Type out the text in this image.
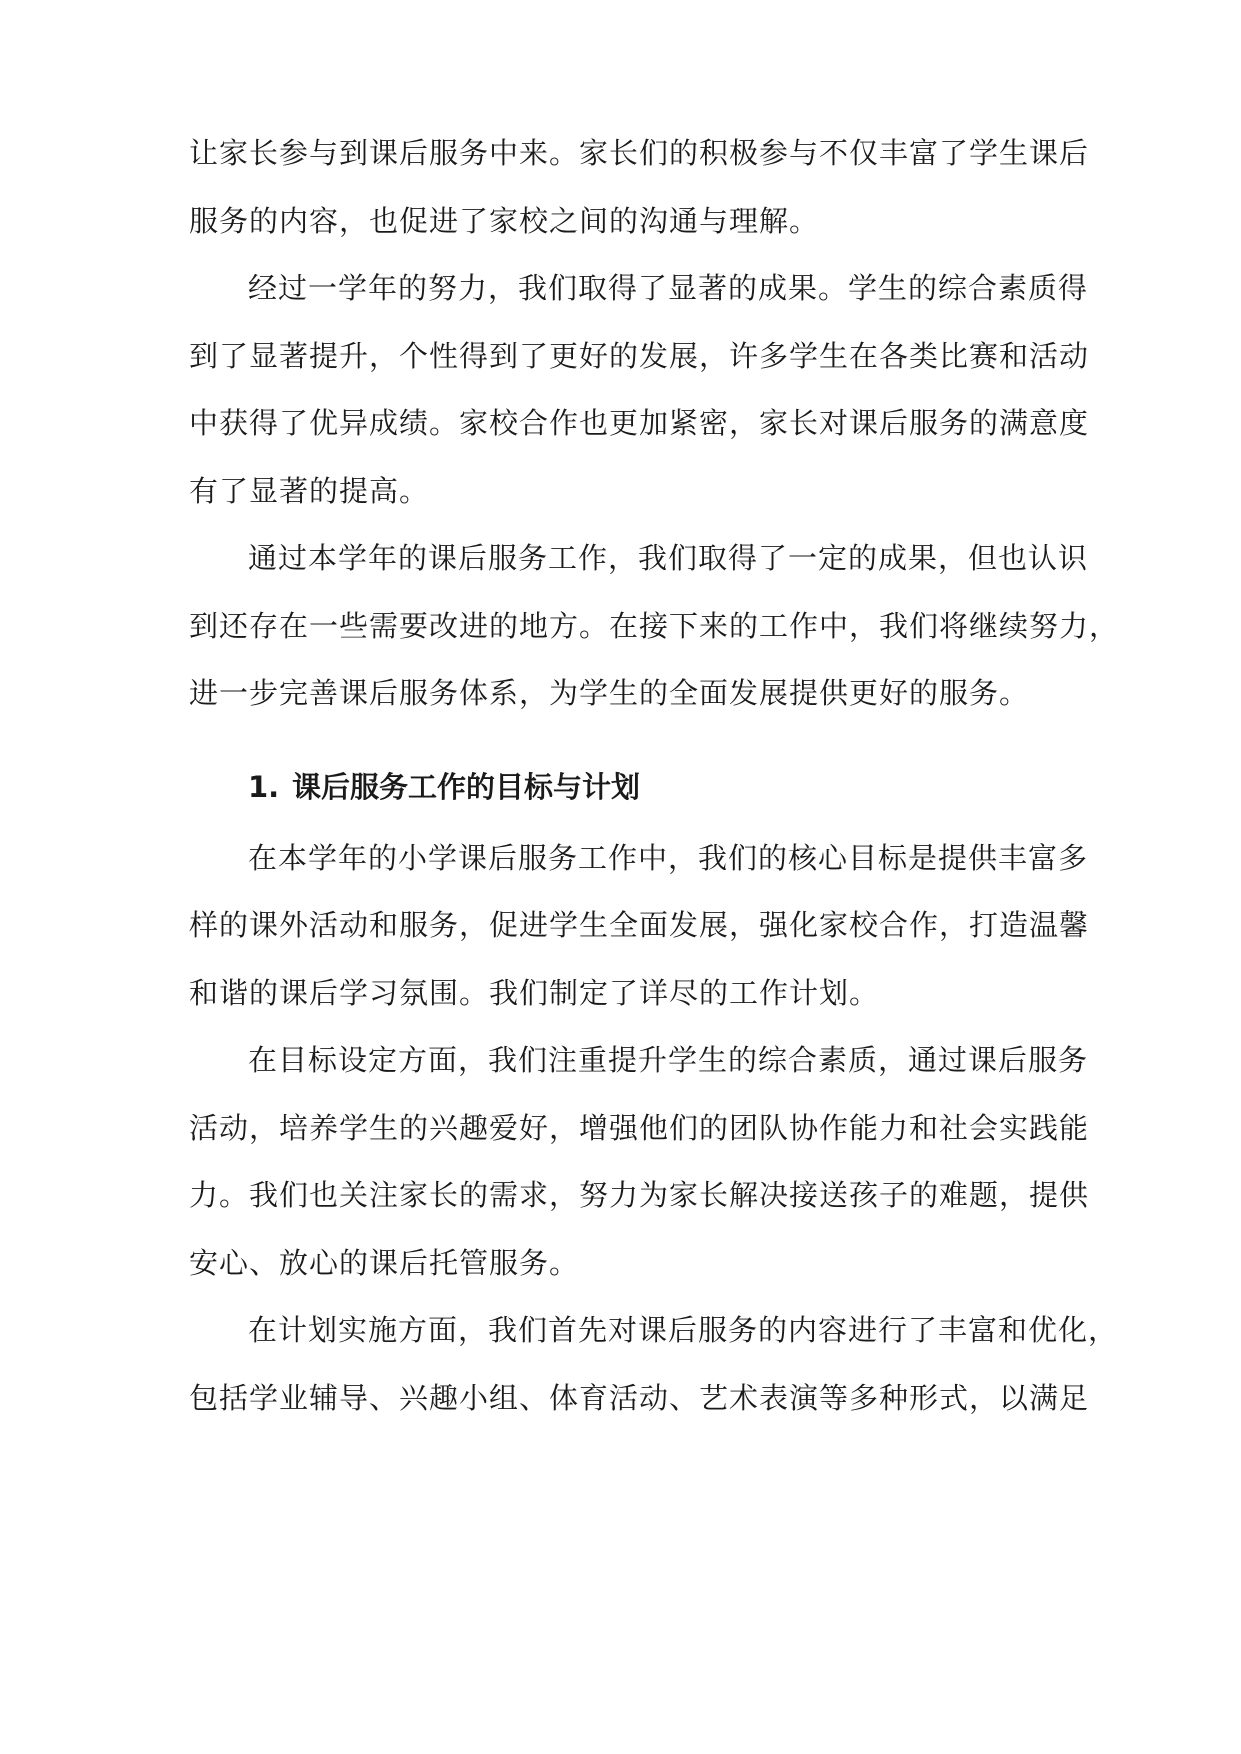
让家长参与到课后服务中来。家长们的积极参与不仅丰富了学生课后
服务的内容，也促进了家校之间的沟通与理解。
经过一学年的努力，我们取得了显著的成果。学生的综合素质得
到了显著提升，个性得到了更好的发展，许多学生在各类比赛和活动
中获得了优异成绩。家校合作也更加紧密，家长对课后服务的满意度
有了显著的提高。
通过本学年的课后服务工作，我们取得了一定的成果，但也认识
到还存在一些需要改进的地方。在接下来的工作中，我们将继续努力，
进一步完善课后服务体系，为学生的全面发展提供更好的服务。
1. 课后服务工作的目标与计划
在本学年的小学课后服务工作中，我们的核心目标是提供丰富多
样的课外活动和服务，促进学生全面发展，强化家校合作，打造温馨
和谐的课后学习氛围。我们制定了详尽的工作计划。
在目标设定方面，我们注重提升学生的综合素质，通过课后服务
活动，培养学生的兴趣爱好，增强他们的团队协作能力和社会实践能
力。我们也关注家长的需求，努力为家长解决接送孩子的难题，提供
安心、放心的课后托管服务。
在计划实施方面，我们首先对课后服务的内容进行了丰富和优化，
包括学业辅导、兴趣小组、体育活动、艺术表演等多种形式，以满足
